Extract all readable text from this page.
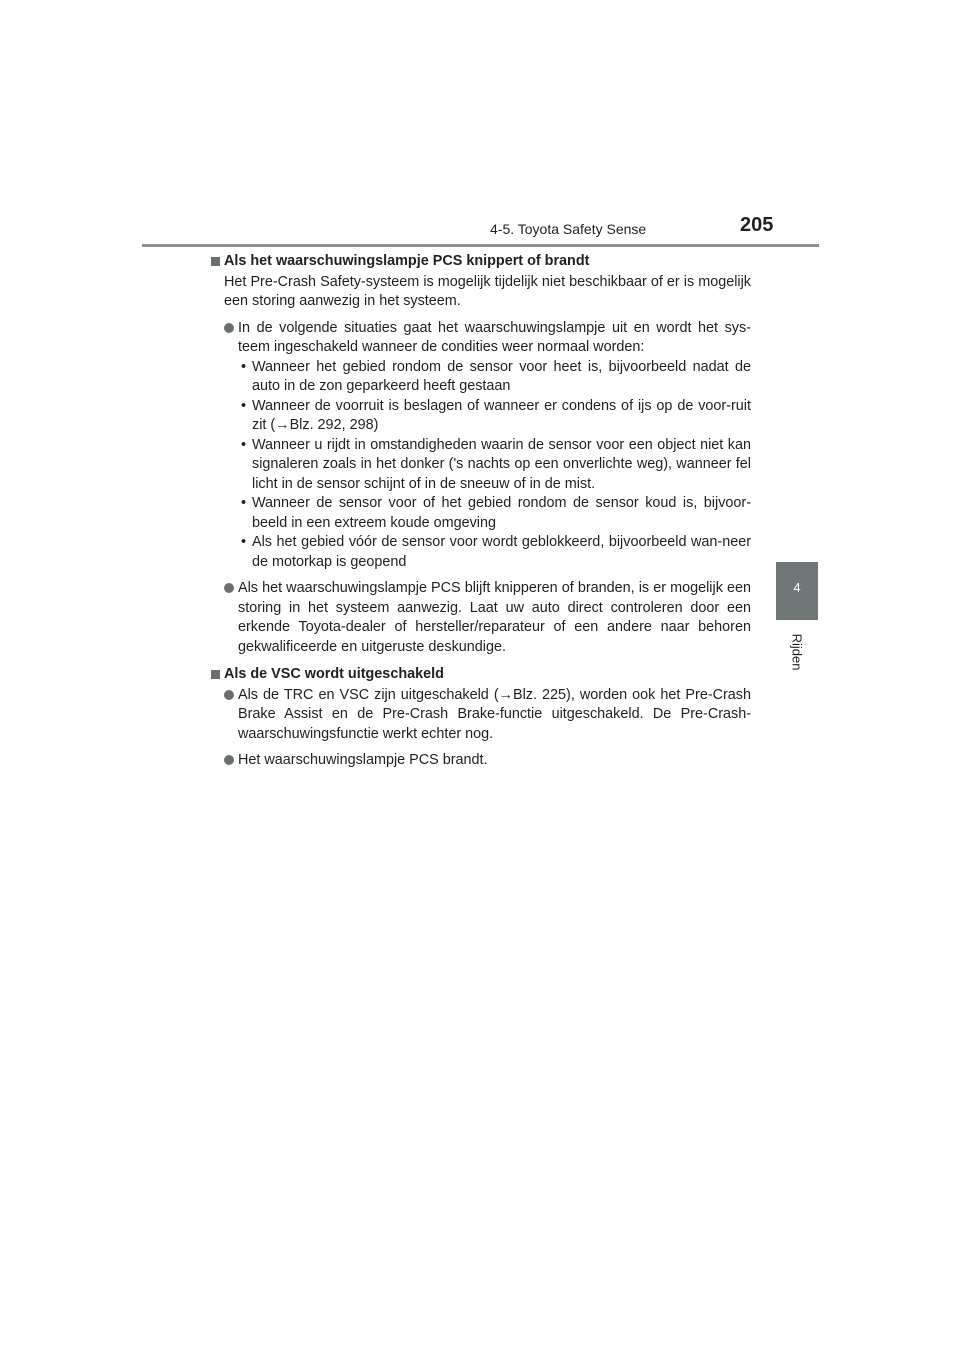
4-5. Toyota Safety Sense	205
4
Rijden
Als het waarschuwingslampje PCS knippert of brandt
Het Pre-Crash Safety-systeem is mogelijk tijdelijk niet beschikbaar of er is mogelijk een storing aanwezig in het systeem.
In de volgende situaties gaat het waarschuwingslampje uit en wordt het sys-teem ingeschakeld wanneer de condities weer normaal worden:
• Wanneer het gebied rondom de sensor voor heet is, bijvoorbeeld nadat de auto in de zon geparkeerd heeft gestaan
• Wanneer de voorruit is beslagen of wanneer er condens of ijs op de voor-ruit zit (→Blz. 292, 298)
• Wanneer u rijdt in omstandigheden waarin de sensor voor een object niet kan signaleren zoals in het donker ('s nachts op een onverlichte weg), wanneer fel licht in de sensor schijnt of in de sneeuw of in de mist.
• Wanneer de sensor voor of het gebied rondom de sensor koud is, bijvoor-beeld in een extreem koude omgeving
• Als het gebied vóór de sensor voor wordt geblokkeerd, bijvoorbeeld wan-neer de motorkap is geopend
Als het waarschuwingslampje PCS blijft knipperen of branden, is er mogelijk een storing in het systeem aanwezig. Laat uw auto direct controleren door een erkende Toyota-dealer of hersteller/reparateur of een andere naar behoren gekwalificeerde en uitgeruste deskundige.
Als de VSC wordt uitgeschakeld
Als de TRC en VSC zijn uitgeschakeld (→Blz. 225), worden ook het Pre-Crash Brake Assist en de Pre-Crash Brake-functie uitgeschakeld. De Pre-Crash-waarschuwingsfunctie werkt echter nog.
Het waarschuwingslampje PCS brandt.
